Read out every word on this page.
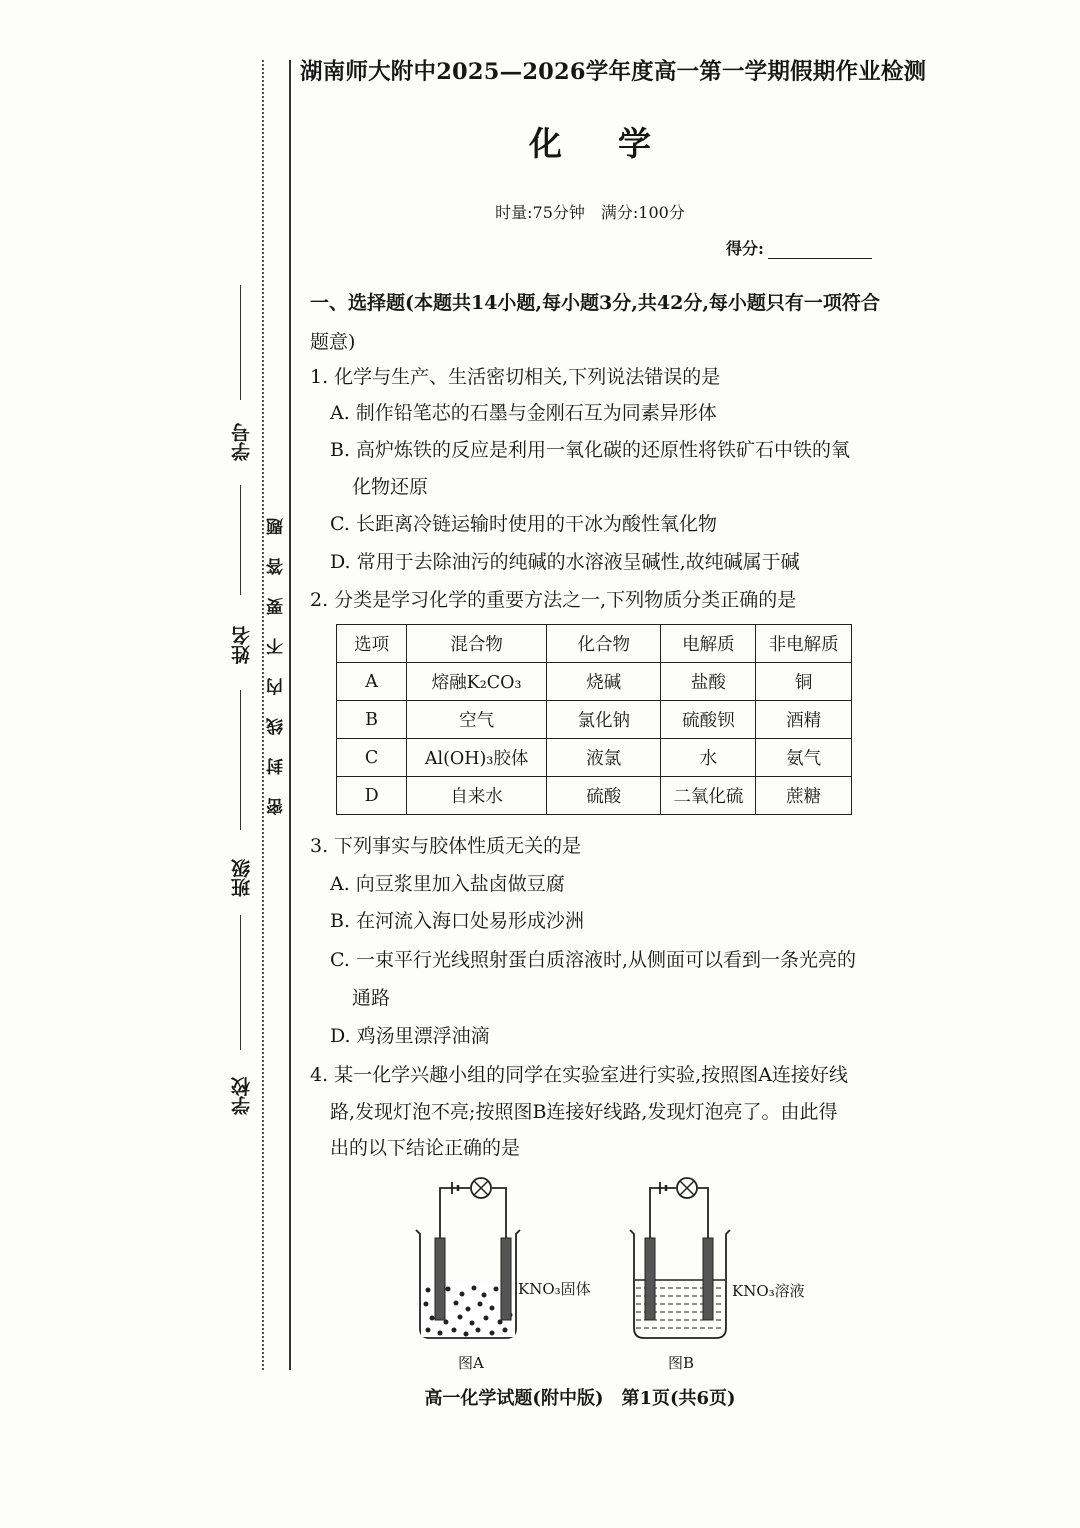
学号
姓名
班级
学校
密封线内不要答题
湖南师大附中2025—2026学年度高一第一学期假期作业检测
化学
时量:75分钟　满分:100分
得分:
一、选择题(本题共14小题,每小题3分,共42分,每小题只有一项符合
题意)
1. 化学与生产、生活密切相关,下列说法错误的是
A. 制作铅笔芯的石墨与金刚石互为同素异形体
B. 高炉炼铁的反应是利用一氧化碳的还原性将铁矿石中铁的氧
化物还原
C. 长距离冷链运输时使用的干冰为酸性氧化物
D. 常用于去除油污的纯碱的水溶液呈碱性,故纯碱属于碱
2. 分类是学习化学的重要方法之一,下列物质分类正确的是
选项	混合物	化合物	电解质	非电解质
A	熔融K₂CO₃	烧碱	盐酸	铜
B	空气	氯化钠	硫酸钡	酒精
C	Al(OH)₃胶体	液氯	水	氨气
D	自来水	硫酸	二氧化硫	蔗糖
3. 下列事实与胶体性质无关的是
A. 向豆浆里加入盐卤做豆腐
B. 在河流入海口处易形成沙洲
C. 一束平行光线照射蛋白质溶液时,从侧面可以看到一条光亮的
通路
D. 鸡汤里漂浮油滴
4. 某一化学兴趣小组的同学在实验室进行实验,按照图A连接好线
路,发现灯泡不亮;按照图B连接好线路,发现灯泡亮了。由此得
出的以下结论正确的是
KNO₃固体
图A
KNO₃溶液
图B
高一化学试题(附中版)　第1页(共6页)
